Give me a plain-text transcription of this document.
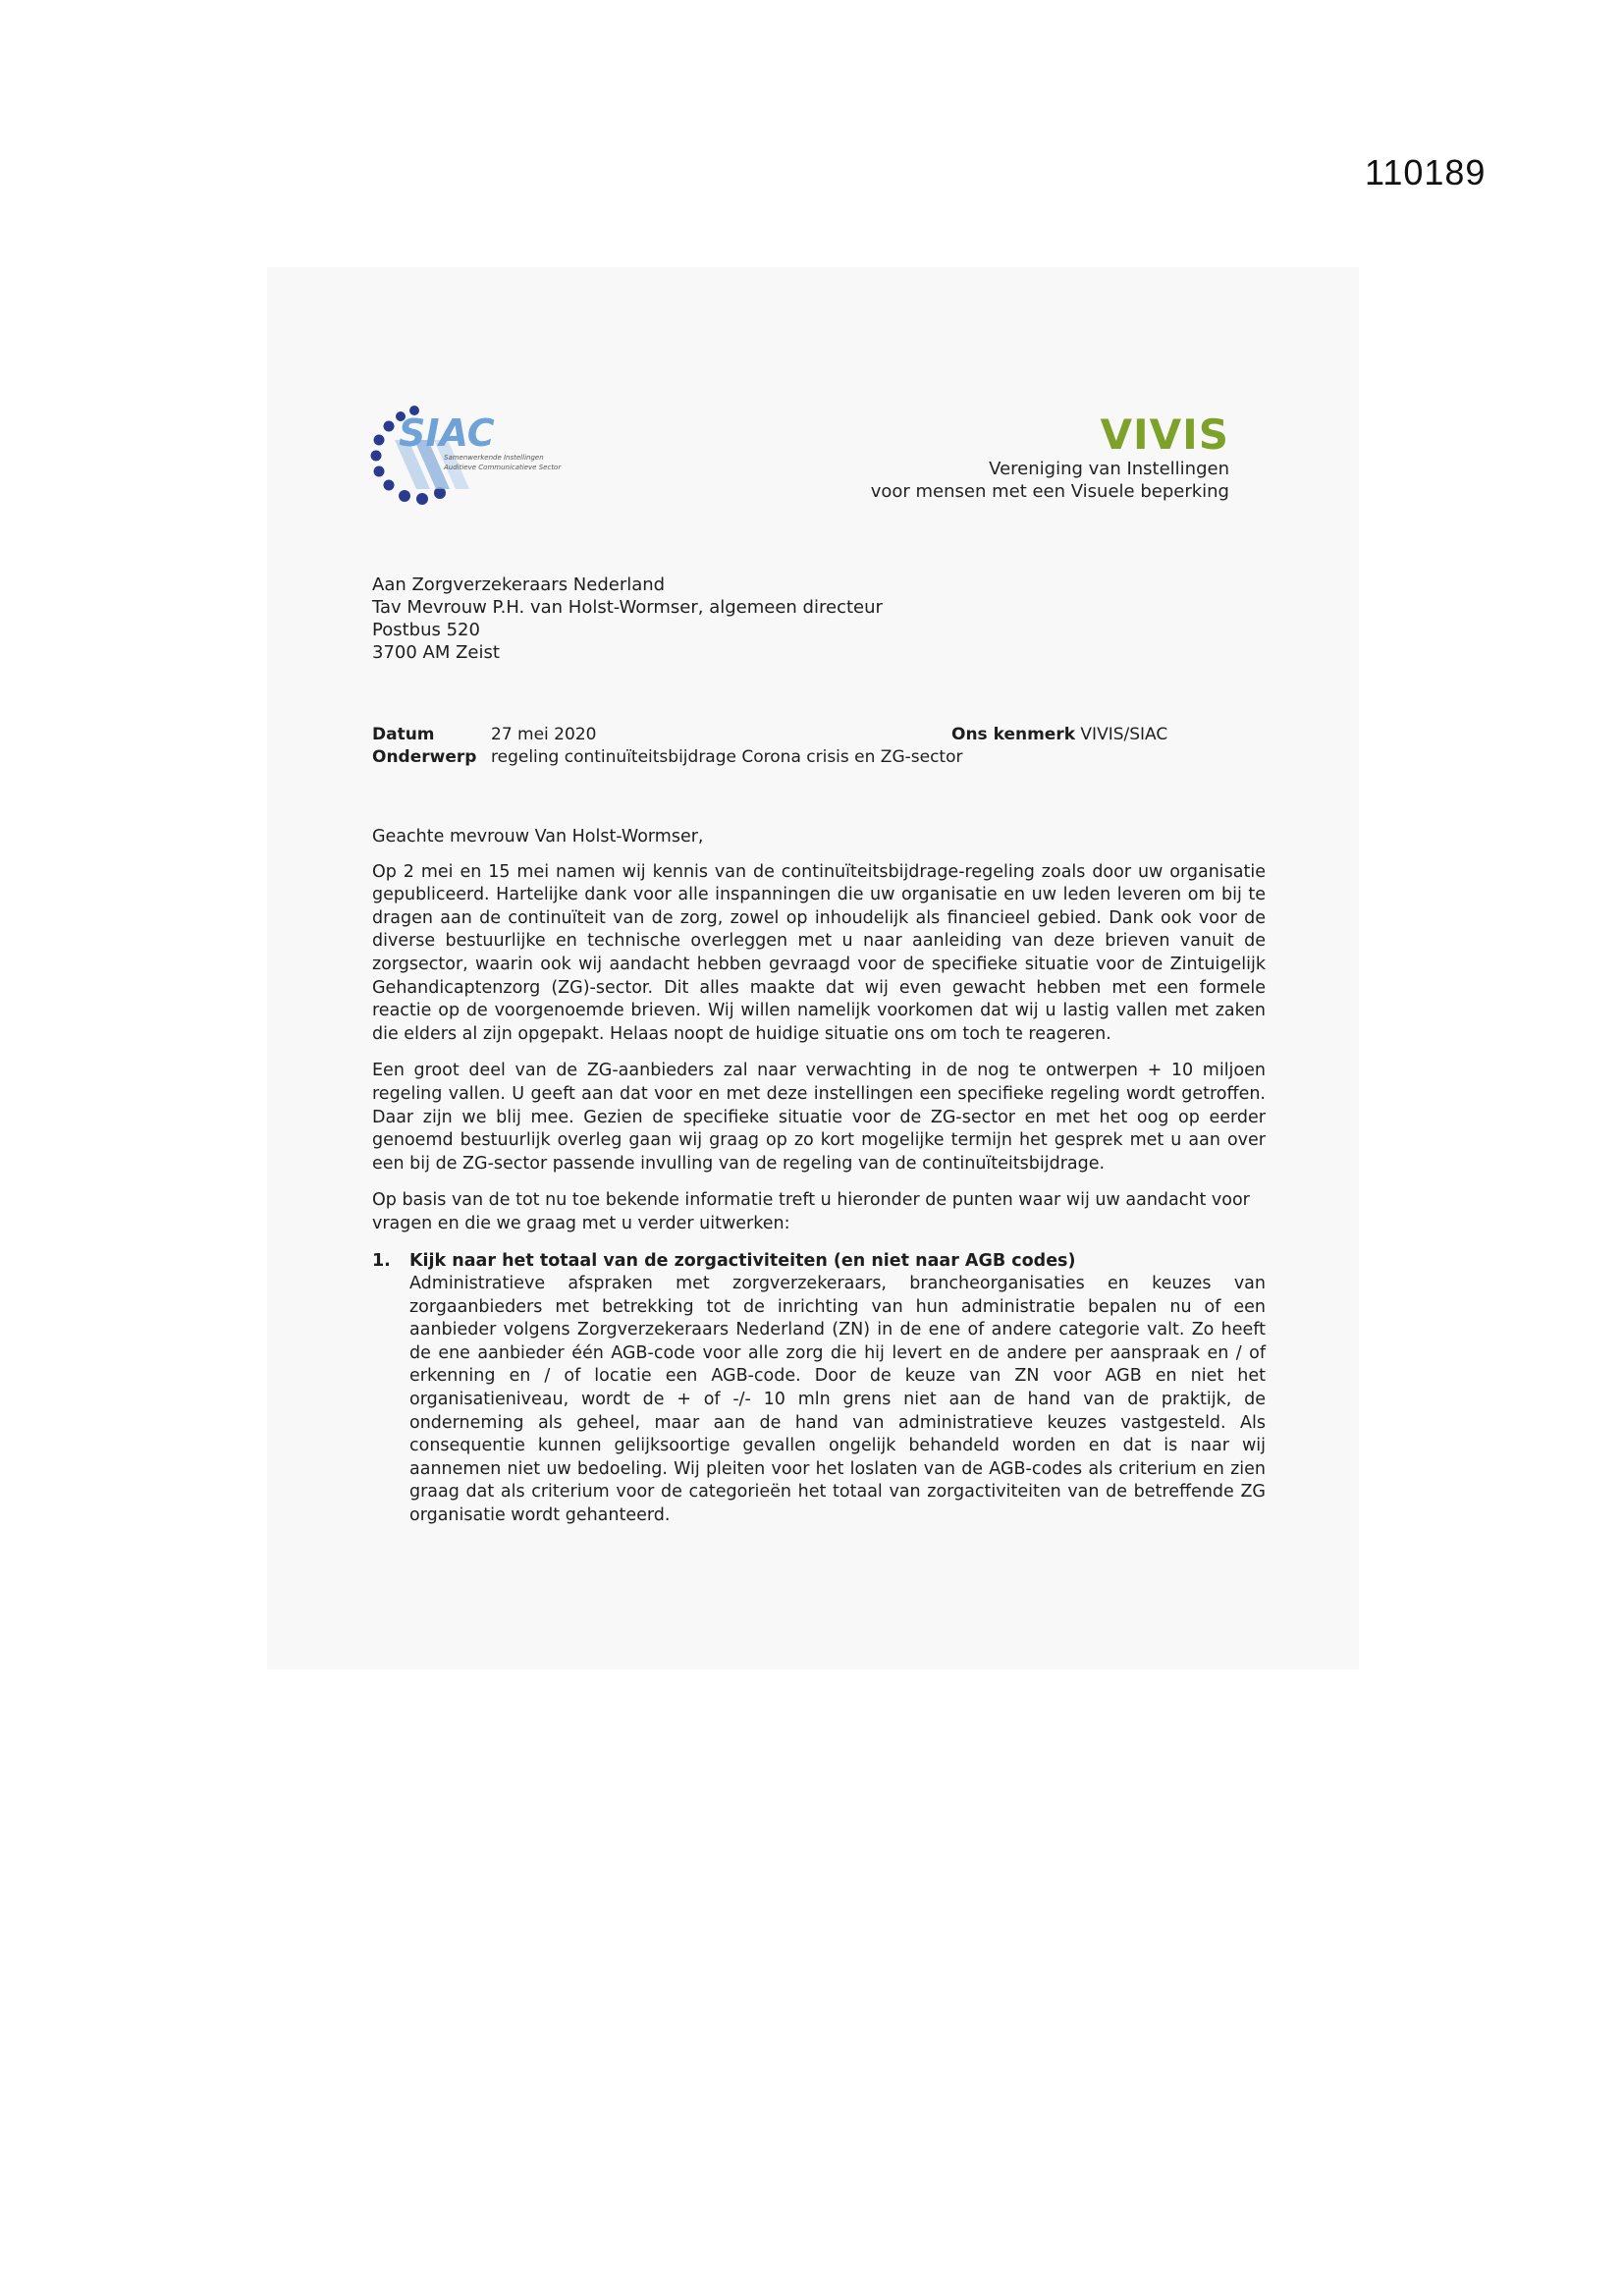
110189
SIAC
Samenwerkende Instellingen
Auditieve Communicatieve Sector
VIVIS
Vereniging van Instellingen
voor mensen met een Visuele beperking
Aan Zorgverzekeraars Nederland
Tav Mevrouw P.H. van Holst-Wormser, algemeen directeur
Postbus 520
3700 AM Zeist
Datum	27 mei 2020	Ons kenmerk VIVIS/SIAC
Onderwerp regeling continuïteitsbijdrage Corona crisis en ZG-sector

Geachte mevrouw Van Holst-Wormser,

Op 2 mei en 15 mei namen wij kennis van de continuïteitsbijdrage-regeling zoals door uw organisatie gepubliceerd. Hartelijke dank voor alle inspanningen die uw organisatie en uw leden leveren om bij te dragen aan de continuïteit van de zorg, zowel op inhoudelijk als financieel gebied. Dank ook voor de diverse bestuurlijke en technische overleggen met u naar aanleiding van deze brieven vanuit de zorgsector, waarin ook wij aandacht hebben gevraagd voor de specifieke situatie voor de Zintuigelijk Gehandicaptenzorg (ZG)-sector. Dit alles maakte dat wij even gewacht hebben met een formele reactie op de voorgenoemde brieven. Wij willen namelijk voorkomen dat wij u lastig vallen met zaken die elders al zijn opgepakt. Helaas noopt de huidige situatie ons om toch te reageren.

Een groot deel van de ZG-aanbieders zal naar verwachting in de nog te ontwerpen + 10 miljoen regeling vallen. U geeft aan dat voor en met deze instellingen een specifieke regeling wordt getroffen. Daar zijn we blij mee. Gezien de specifieke situatie voor de ZG-sector en met het oog op eerder genoemd bestuurlijk overleg gaan wij graag op zo kort mogelijke termijn het gesprek met u aan over een bij de ZG-sector passende invulling van de regeling van de continuïteitsbijdrage.

Op basis van de tot nu toe bekende informatie treft u hieronder de punten waar wij uw aandacht voor vragen en die we graag met u verder uitwerken:

1. Kijk naar het totaal van de zorgactiviteiten (en niet naar AGB codes)

Administratieve afspraken met zorgverzekeraars, brancheorganisaties en keuzes van zorgaanbieders met betrekking tot de inrichting van hun administratie bepalen nu of een aanbieder volgens Zorgverzekeraars Nederland (ZN) in de ene of andere categorie valt. Zo heeft de ene aanbieder één AGB-code voor alle zorg die hij levert en de andere per aanspraak en / of erkenning en / of locatie een AGB-code. Door de keuze van ZN voor AGB en niet het organisatieniveau, wordt de + of -/- 10 mln grens niet aan de hand van de praktijk, de onderneming als geheel, maar aan de hand van administratieve keuzes vastgesteld. Als consequentie kunnen gelijksoortige gevallen ongelijk behandeld worden en dat is naar wij aannemen niet uw bedoeling. Wij pleiten voor het loslaten van de AGB-codes als criterium en zien graag dat als criterium voor de categorieën het totaal van zorgactiviteiten van de betreffende ZG organisatie wordt gehanteerd.
